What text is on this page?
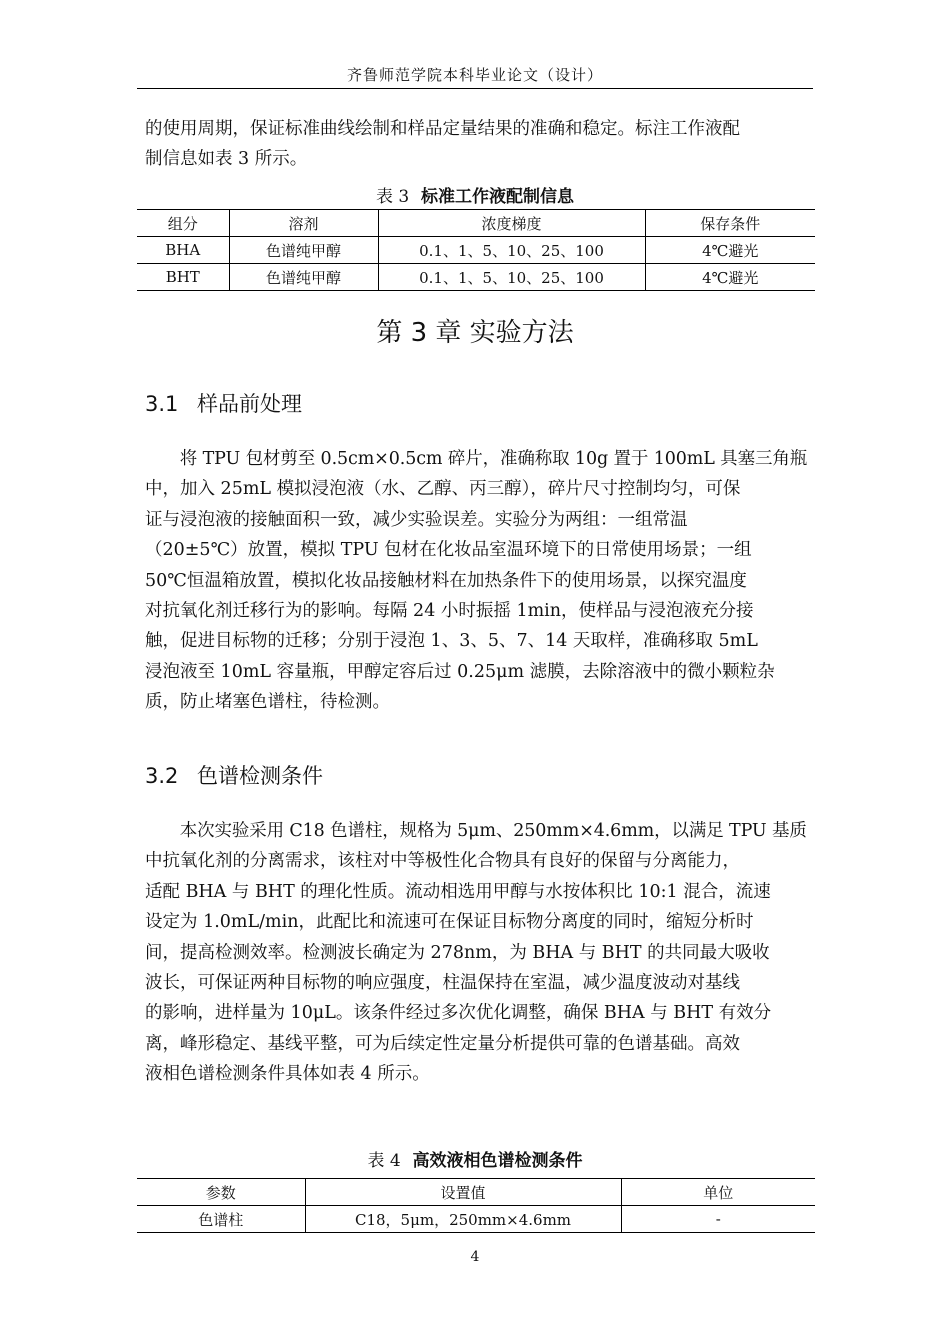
齐鲁师范学院本科毕业论文（设计）
的使用周期，保证标准曲线绘制和样品定量结果的准确和稳定。标注工作液配
制信息如表 3 所示。
表 3 标准工作液配制信息
组分	溶剂	浓度梯度	保存条件
BHA	色谱纯甲醇	0.1、1、5、10、25、100	4℃避光
BHT	色谱纯甲醇	0.1、1、5、10、25、100	4℃避光
第 3 章 实验方法
3.1 样品前处理
　　将 TPU 包材剪至 0.5cm×0.5cm 碎片，准确称取 10g 置于 100mL 具塞三角瓶
中，加入 25mL 模拟浸泡液（水、乙醇、丙三醇），碎片尺寸控制均匀，可保
证与浸泡液的接触面积一致，减少实验误差。实验分为两组：一组常温
（20±5℃）放置，模拟 TPU 包材在化妆品室温环境下的日常使用场景；一组
50℃恒温箱放置，模拟化妆品接触材料在加热条件下的使用场景，以探究温度
对抗氧化剂迁移行为的影响。每隔 24 小时振摇 1min，使样品与浸泡液充分接
触，促进目标物的迁移；分别于浸泡 1、3、5、7、14 天取样，准确移取 5mL
浸泡液至 10mL 容量瓶，甲醇定容后过 0.25μm 滤膜，去除溶液中的微小颗粒杂
质，防止堵塞色谱柱，待检测。
3.2 色谱检测条件
　　本次实验采用 C18 色谱柱，规格为 5μm、250mm×4.6mm，以满足 TPU 基质
中抗氧化剂的分离需求，该柱对中等极性化合物具有良好的保留与分离能力，
适配 BHA 与 BHT 的理化性质。流动相选用甲醇与水按体积比 10:1 混合，流速
设定为 1.0mL/min，此配比和流速可在保证目标物分离度的同时，缩短分析时
间，提高检测效率。检测波长确定为 278nm，为 BHA 与 BHT 的共同最大吸收
波长，可保证两种目标物的响应强度，柱温保持在室温，减少温度波动对基线
的影响，进样量为 10μL。该条件经过多次优化调整，确保 BHA 与 BHT 有效分
离，峰形稳定、基线平整，可为后续定性定量分析提供可靠的色谱基础。高效
液相色谱检测条件具体如表 4 所示。
表 4 高效液相色谱检测条件
参数	设置值	单位
色谱柱	C18，5μm，250mm×4.6mm	-
4
